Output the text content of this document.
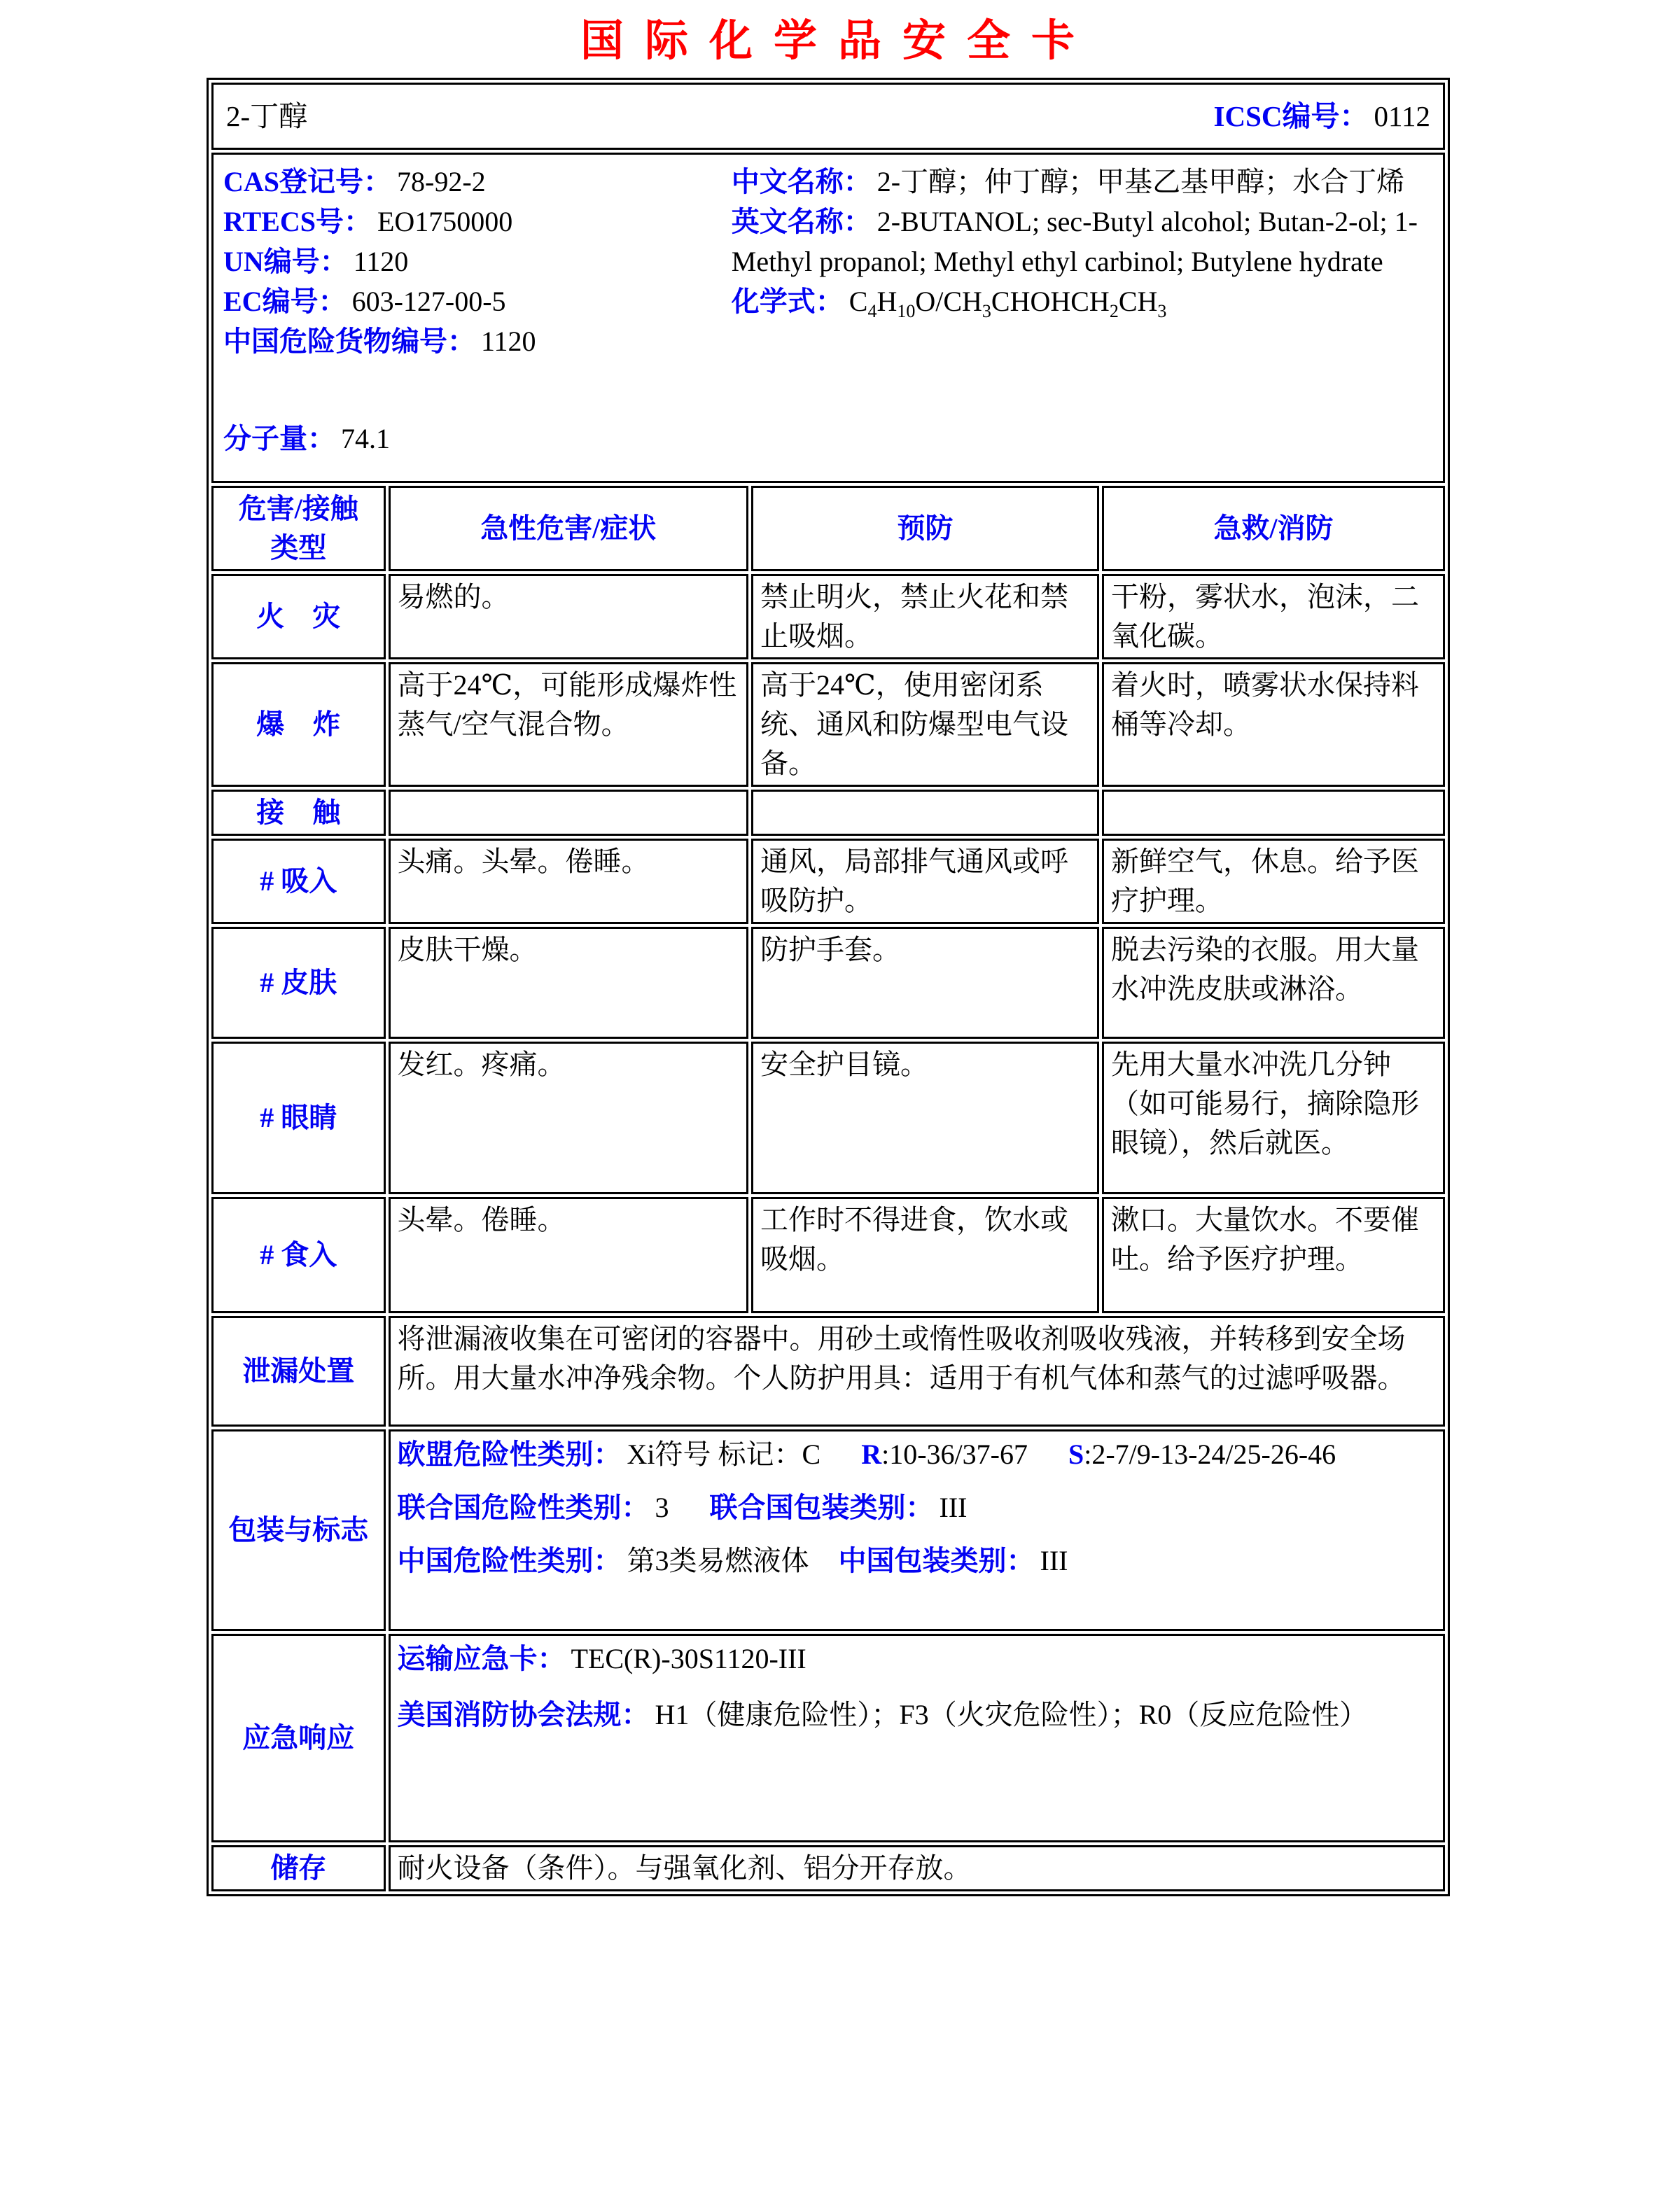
国际化学品安全卡
2-丁醇 ICSC编号： 0112			

CAS登记号： 78-92-2
RTECS号： EO1750000
UN编号： 1120
EC编号： 603-127-00-5
中国危险货物编号： 1120
分子量： 74.1

中文名称： 2-丁醇；仲丁醇；甲基乙基甲醇；水合丁烯

英文名称： 2-BUTANOL; sec-Butyl alcohol; Butan-2-ol; 1-Methyl propanol; Methyl ethyl carbinol; Butylene hydrate

化学式： $C_4H_{10}O/CH_3CHOHCH_2CH_3$

危害/接触
类型	急性危害/症状	预防	急救/消防
火　灾	易燃的。	禁止明火，禁止火花和禁止吸烟。	干粉，雾状水，泡沫，二氧化碳。
爆　炸	高于24℃，可能形成爆炸性蒸气/空气混合物。	高于24℃，使用密闭系统、通风和防爆型电气设备。	着火时，喷雾状水保持料桶等冷却。
接　触			
# 吸入	头痛。头晕。倦睡。	通风，局部排气通风或呼吸防护。	新鲜空气，休息。给予医疗护理。
# 皮肤	皮肤干燥。	防护手套。	脱去污染的衣服。用大量水冲洗皮肤或淋浴。
# 眼睛	发红。疼痛。	安全护目镜。	先用大量水冲洗几分钟（如可能易行，摘除隐形眼镜），然后就医。
# 食入	头晕。倦睡。	工作时不得进食，饮水或吸烟。	漱口。大量饮水。不要催吐。给予医疗护理。
泄漏处置	将泄漏液收集在可密闭的容器中。用砂土或惰性吸收剂吸收残液，并转移到安全场所。用大量水冲净残余物。个人防护用具：适用于有机气体和蒸气的过滤呼吸器。		
包装与标志	欧盟危险性类别： Xi符号 标记：C R:10-36/37-67 S:2-7/9-13-24/25-26-46

联合国危险性类别： 3 联合国包装类别： III

中国危险性类别： 第3类易燃液体 中国包装类别： III		

应急响应	运输应急卡： TEC(R)-30S1120-III

美国消防协会法规： H1（健康危险性）；F3（火灾危险性）；R0（反应危险性）		

储存	耐火设备（条件）。与强氧化剂、铝分开存放。		
